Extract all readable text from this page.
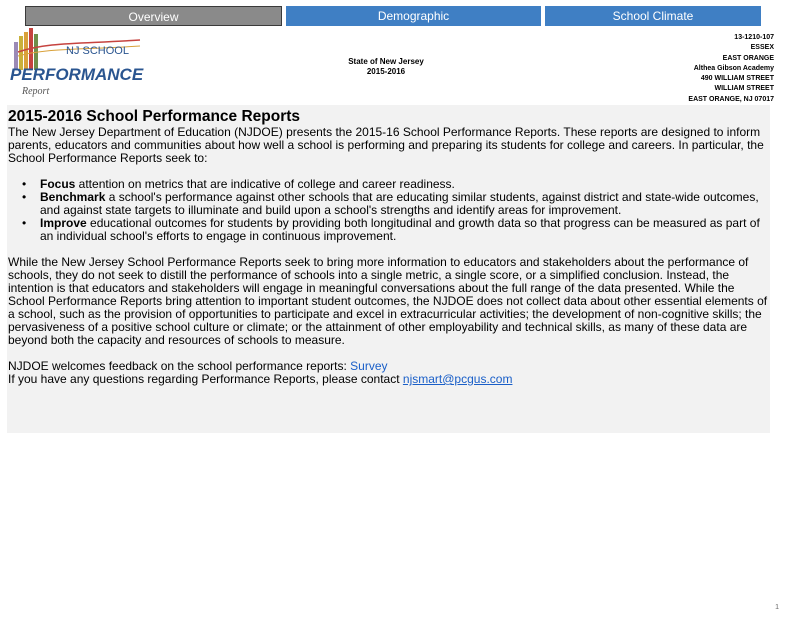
Overview	Demographic	School Climate
NJ SCHOOL
PERFORMANCE
Report
State of New Jersey
2015-2016
13-1210-107
ESSEX
EAST ORANGE
Althea Gibson Academy
490 WILLIAM STREET
WILLIAM STREET
EAST ORANGE, NJ 07017
2015-2016 School Performance Reports

The New Jersey Department of Education (NJDOE) presents the 2015-16 School Performance Reports. These reports are designed to inform parents, educators and communities about how well a school is performing and preparing its students for college and careers. In particular, the School Performance Reports seek to:

• Focus attention on metrics that are indicative of college and career readiness.
• Benchmark a school's performance against other schools that are educating similar students, against district and state-wide outcomes, and against state targets to illuminate and build upon a school's strengths and identify areas for improvement.
• Improve educational outcomes for students by providing both longitudinal and growth data so that progress can be measured as part of an individual school's efforts to engage in continuous improvement.

While the New Jersey School Performance Reports seek to bring more information to educators and stakeholders about the performance of schools, they do not seek to distill the performance of schools into a single metric, a single score, or a simplified conclusion. Instead, the intention is that educators and stakeholders will engage in meaningful conversations about the full range of the data presented. While the School Performance Reports bring attention to important student outcomes, the NJDOE does not collect data about other essential elements of a school, such as the provision of opportunities to participate and excel in extracurricular activities; the development of non-cognitive skills; the pervasiveness of a positive school culture or climate; or the attainment of other employability and technical skills, as many of these data are beyond both the capacity and resources of schools to measure.

NJDOE welcomes feedback on the school performance reports: Survey

If you have any questions regarding Performance Reports, please contact njsmart@pcgus.com

1
